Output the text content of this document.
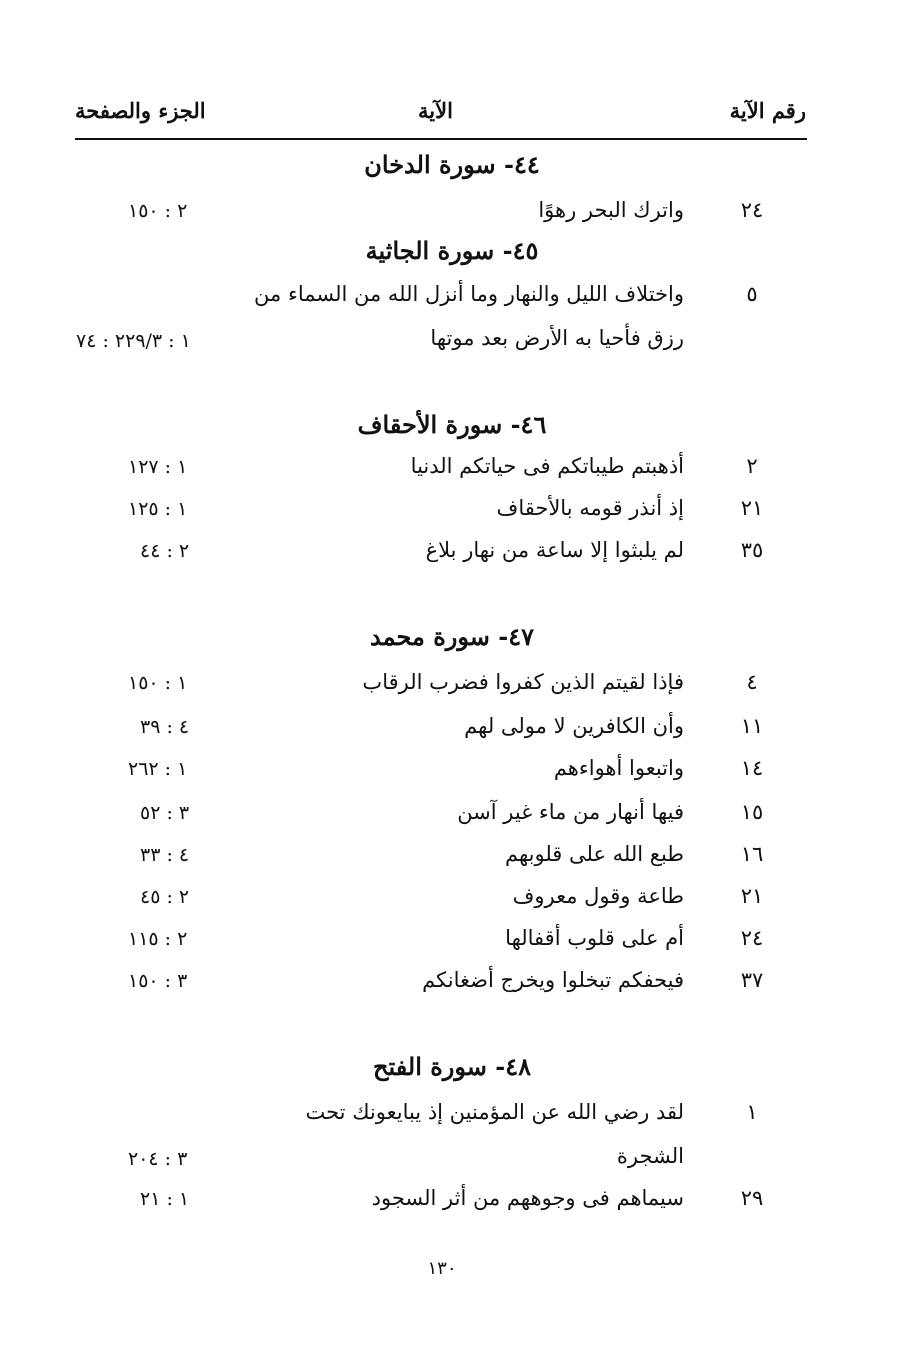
رقم الآية
الآية
الجزء والصفحة
٤٤- سورة الدخان
٢٤
واترك البحر رهوًا
٢ : ١٥٠
٤٥- سورة الجاثية
٥
واختلاف الليل والنهار وما أنزل الله من السماء من
رزق فأحيا به الأرض بعد موتها
١ : ٢٢٩/٣ : ٧٤
٤٦- سورة الأحقاف
٢
أذهبتم طيباتكم فى حياتكم الدنيا
١ : ١٢٧
٢١
إذ أنذر قومه بالأحقاف
١ : ١٢٥
٣٥
لم يلبثوا إلا ساعة من نهار بلاغ
٢ : ٤٤
٤٧- سورة محمد
٤
فإذا لقيتم الذين كفروا فضرب الرقاب
١ : ١٥٠
١١
وأن الكافرين لا مولى لهم
٤ : ٣٩
١٤
واتبعوا أهواءهم
١ : ٢٦٢
١٥
فيها أنهار من ماء غير آسن
٣ : ٥٢
١٦
طبع الله على قلوبهم
٤ : ٣٣
٢١
طاعة وقول معروف
٢ : ٤٥
٢٤
أم على قلوب أقفالها
٢ : ١١٥
٣٧
فيحفكم تبخلوا ويخرج أضغانكم
٣ : ١٥٠
٤٨- سورة الفتح
١
لقد رضي الله عن المؤمنين إذ يبايعونك تحت
الشجرة
٣ : ٢٠٤
٢٩
سيماهم فى وجوههم من أثر السجود
١ : ٢١
١٣٠
